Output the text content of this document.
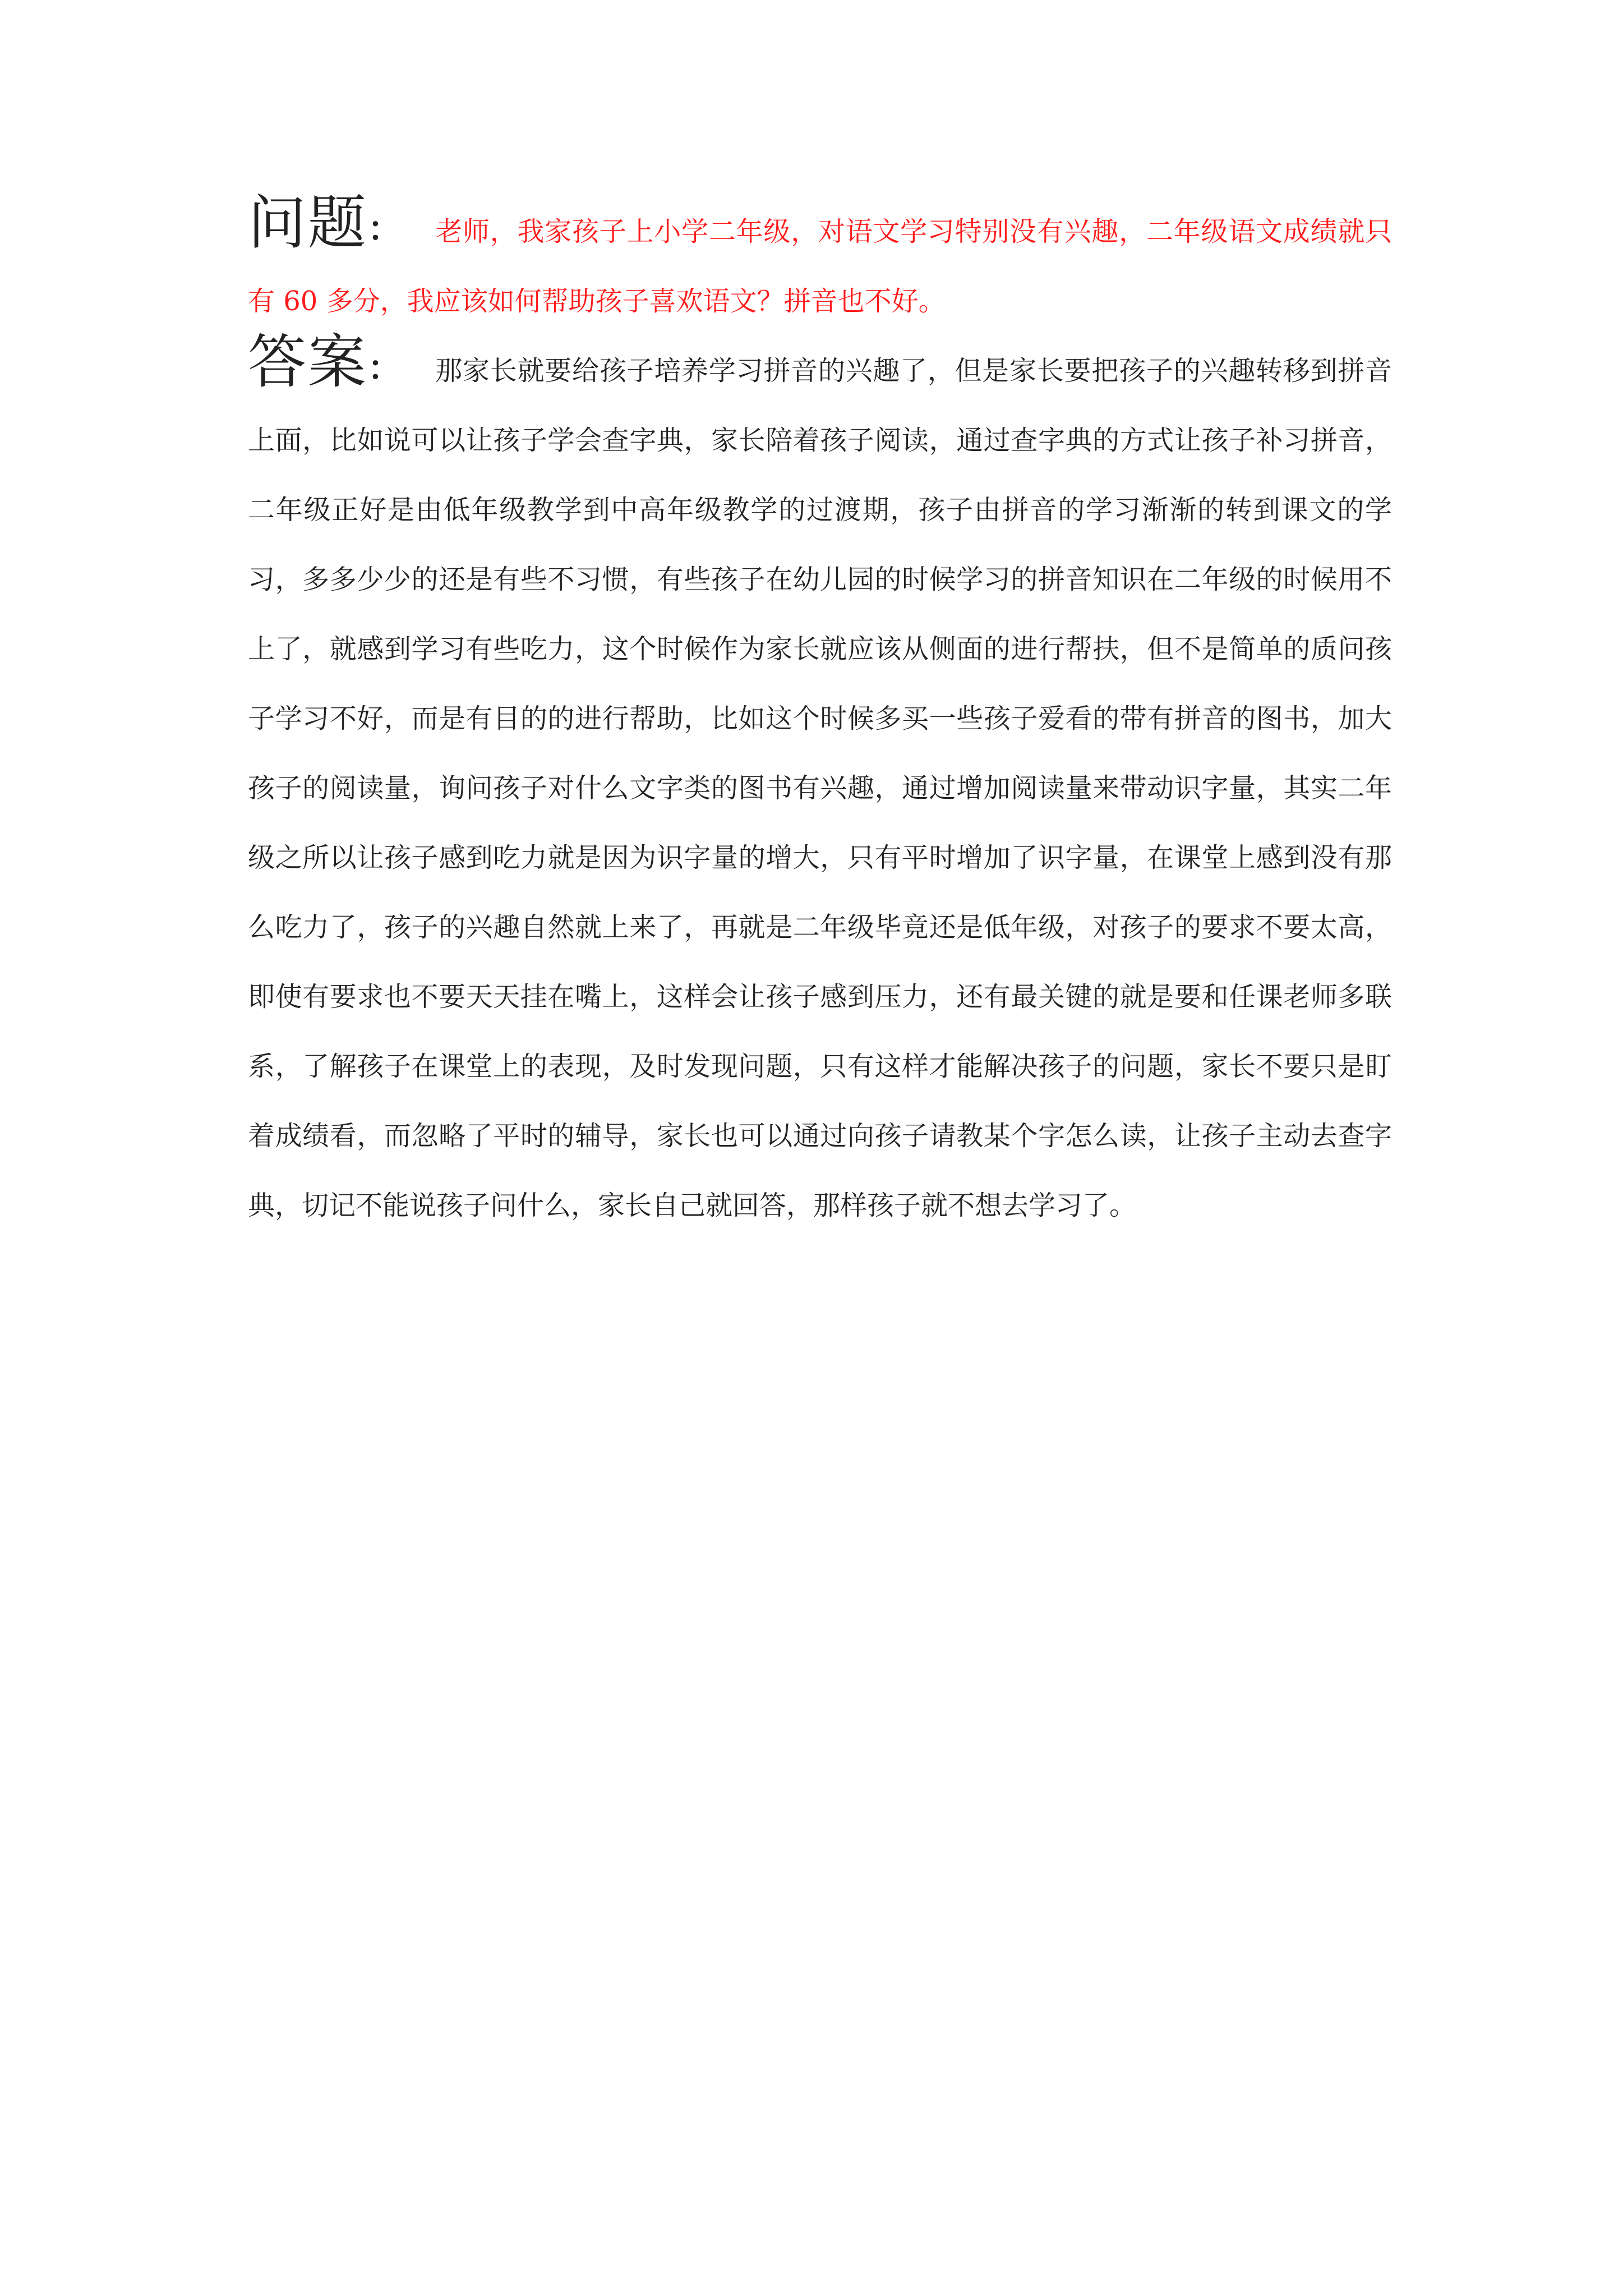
问题： 老师，我家孩子上小学二年级，对语文学习特别没有兴趣，二年级语文成绩就只有 60 多分，我应该如何帮助孩子喜欢语文？拼音也不好。

答案： 那家长就要给孩子培养学习拼音的兴趣了，但是家长要把孩子的兴趣转移到拼音上面，比如说可以让孩子学会查字典，家长陪着孩子阅读，通过查字典的方式让孩子补习拼音，二年级正好是由低年级教学到中高年级教学的过渡期，孩子由拼音的学习渐渐的转到课文的学习，多多少少的还是有些不习惯，有些孩子在幼儿园的时候学习的拼音知识在二年级的时候用不上了，就感到学习有些吃力，这个时候作为家长就应该从侧面的进行帮扶，但不是简单的质问孩子学习不好，而是有目的的进行帮助，比如这个时候多买一些孩子爱看的带有拼音的图书，加大孩子的阅读量，询问孩子对什么文字类的图书有兴趣，通过增加阅读量来带动识字量，其实二年级之所以让孩子感到吃力就是因为识字量的增大，只有平时增加了识字量，在课堂上感到没有那么吃力了，孩子的兴趣自然就上来了，再就是二年级毕竟还是低年级，对孩子的要求不要太高，即使有要求也不要天天挂在嘴上，这样会让孩子感到压力，还有最关键的就是要和任课老师多联系，了解孩子在课堂上的表现，及时发现问题，只有这样才能解决孩子的问题，家长不要只是盯着成绩看，而忽略了平时的辅导，家长也可以通过向孩子请教某个字怎么读，让孩子主动去查字典，切记不能说孩子问什么，家长自己就回答，那样孩子就不想去学习了。
